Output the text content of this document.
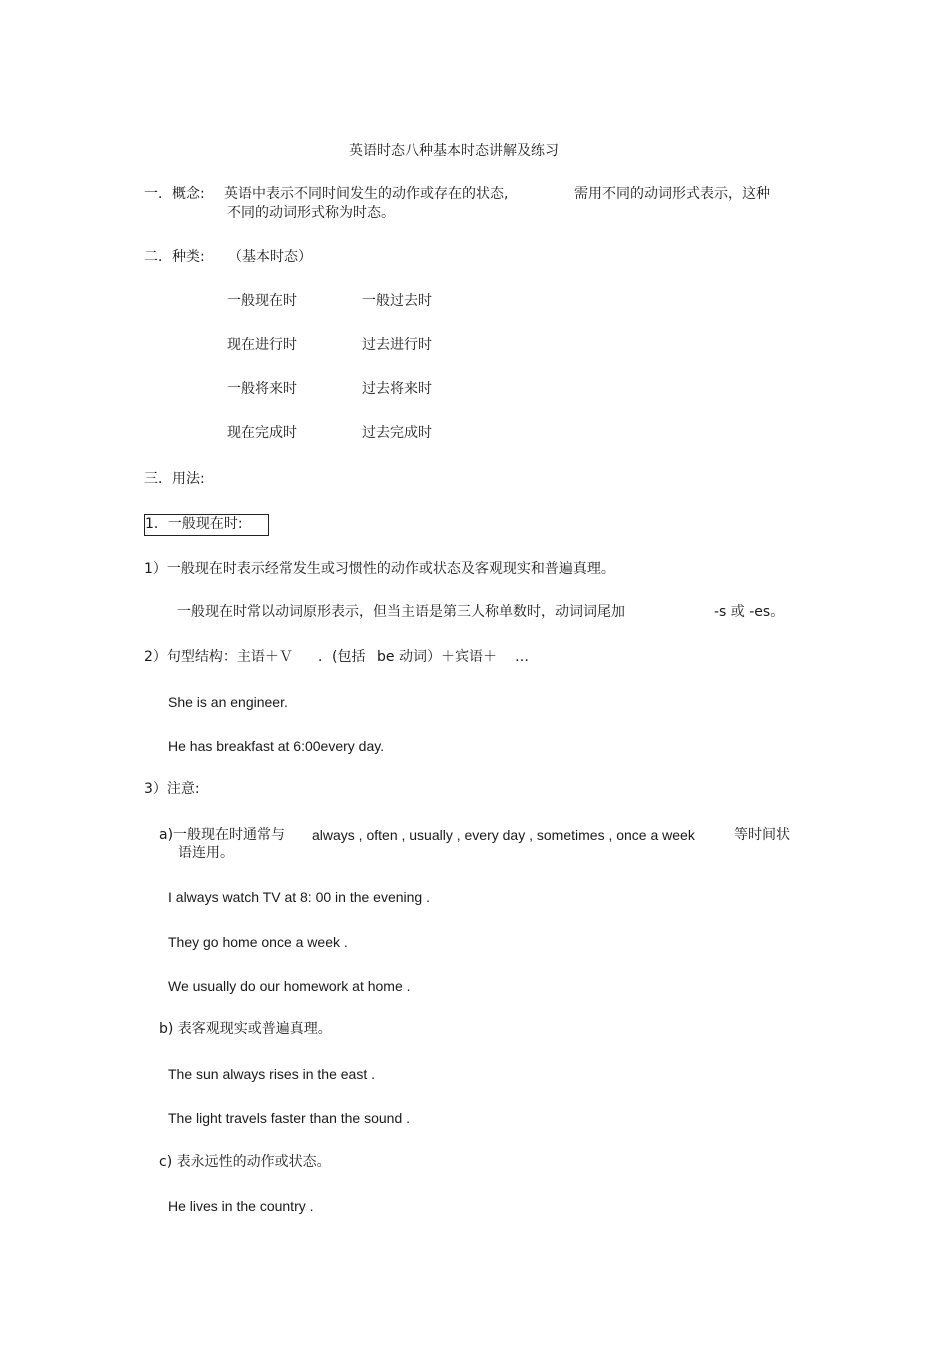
英语时态八种基本时态讲解及练习
一．概念: 英语中表示不同时间发生的动作或存在的状态,	需用不同的动词形式表示，这种
不同的动词形式称为时态。
二．种类: （基本时态）
一般现在时	一般过去时
现在进行时	过去进行时
一般将来时	过去将来时
现在完成时	过去完成时
三．用法:
1．一般现在时:
1）一般现在时表示经常发生或习惯性的动作或状态及客观现实和普遍真理。
一般现在时常以动词原形表示，但当主语是第三人称单数时，动词词尾加	-s 或 -es。
2）句型结构：主语＋Ｖ ．(包括 be 动词）＋宾语＋ …
She is an engineer.
He has breakfast at 6:00every day.
3）注意:
a)一般现在时通常与 always , often , usually , every day , sometimes , once a week	等时间状
语连用。
I always watch TV at 8: 00 in the evening .
They go home once a week .
We usually do our homework at home .
b) 表客观现实或普遍真理。
The sun always rises in the east .
The light travels faster than the sound .
c) 表永远性的动作或状态。
He lives in the country .
